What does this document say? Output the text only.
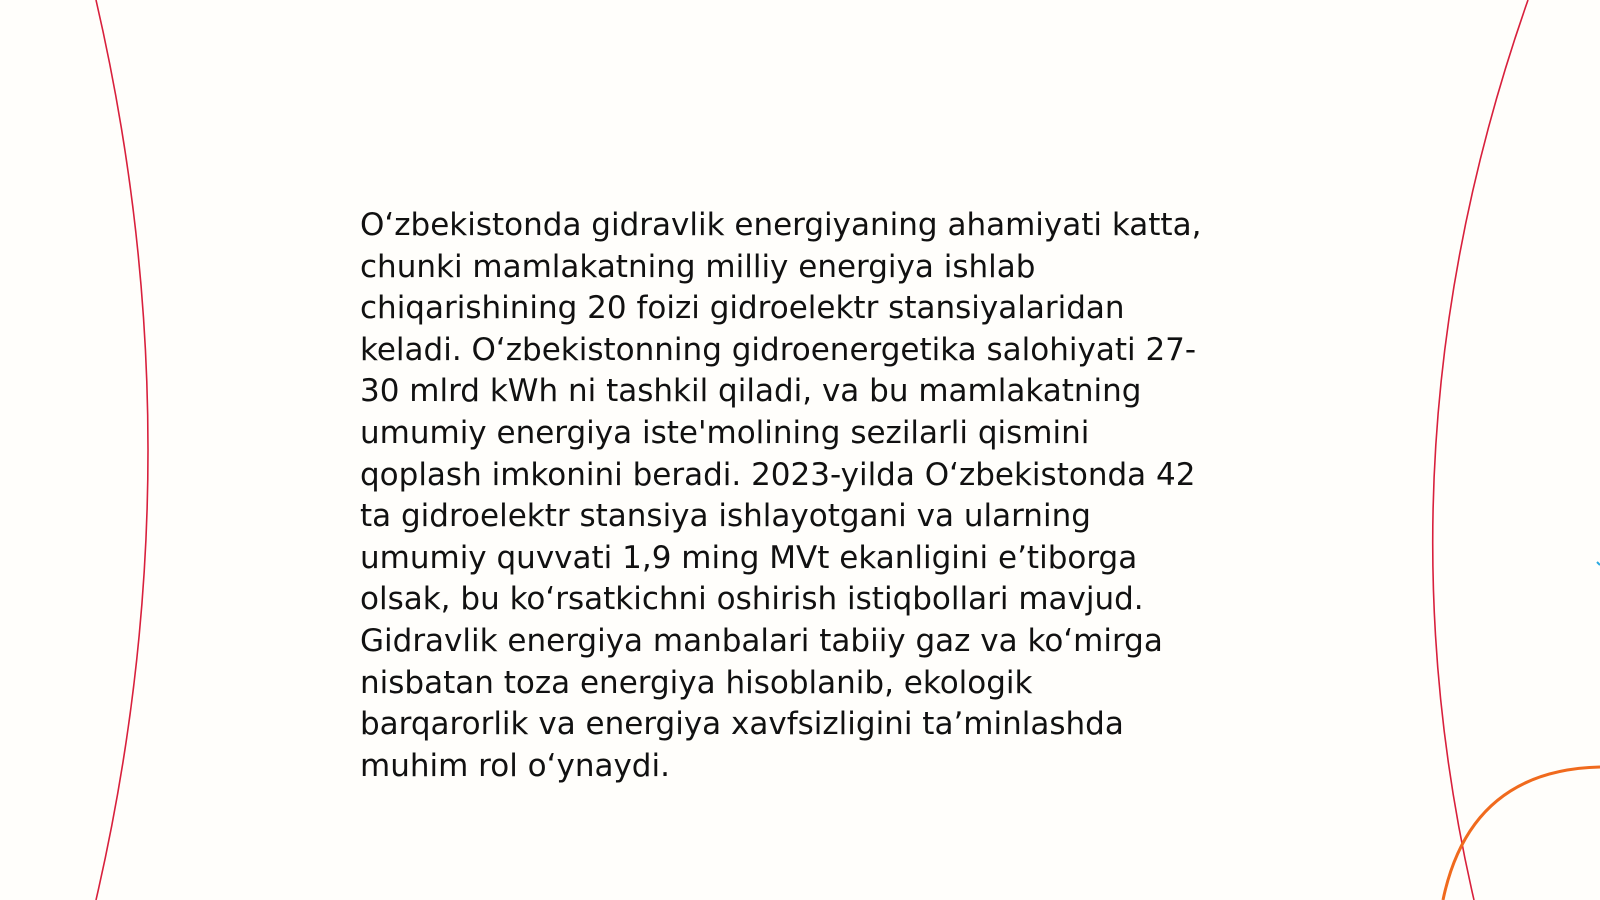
O‘zbekistonda gidravlik energiyaning ahamiyati katta,
chunki mamlakatning milliy energiya ishlab
chiqarishining 20 foizi gidroelektr stansiyalaridan
keladi. O‘zbekistonning gidroenergetika salohiyati 27-
30 mlrd kWh ni tashkil qiladi, va bu mamlakatning
umumiy energiya iste'molining sezilarli qismini
qoplash imkonini beradi. 2023-yilda O‘zbekistonda 42
ta gidroelektr stansiya ishlayotgani va ularning
umumiy quvvati 1,9 ming MVt ekanligini e’tiborga
olsak, bu ko‘rsatkichni oshirish istiqbollari mavjud.
Gidravlik energiya manbalari tabiiy gaz va ko‘mirga
nisbatan toza energiya hisoblanib, ekologik
barqarorlik va energiya xavfsizligini ta’minlashda
muhim rol o‘ynaydi.
